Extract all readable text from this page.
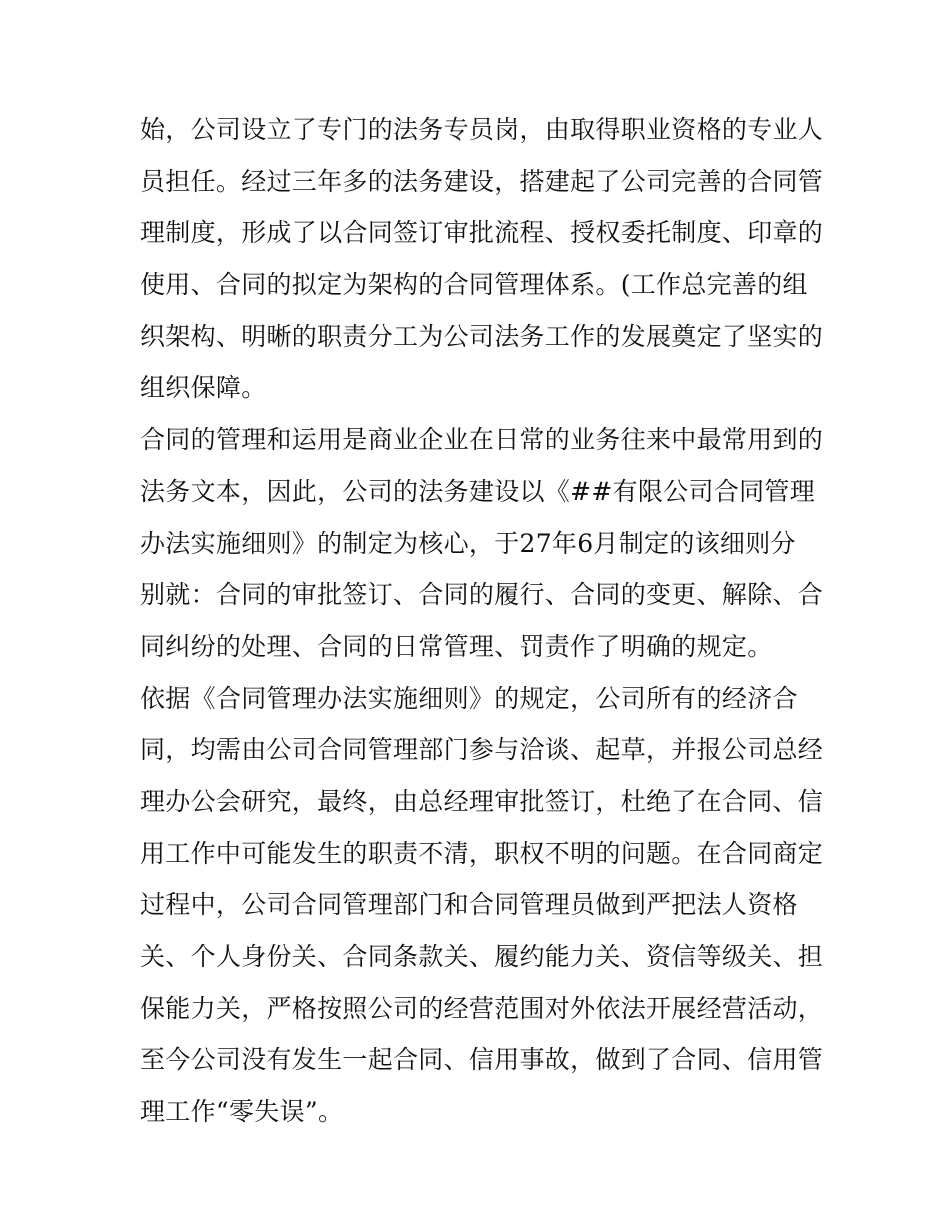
始，公司设立了专门的法务专员岗，由取得职业资格的专业人
员担任。经过三年多的法务建设，搭建起了公司完善的合同管
理制度，形成了以合同签订审批流程、授权委托制度、印章的
使用、合同的拟定为架构的合同管理体系。(工作总完善的组
织架构、明晰的职责分工为公司法务工作的发展奠定了坚实的
组织保障。
合同的管理和运用是商业企业在日常的业务往来中最常用到的
法务文本，因此，公司的法务建设以《##有限公司合同管理
办法实施细则》的制定为核心，于27年6月制定的该细则分
别就：合同的审批签订、合同的履行、合同的变更、解除、合
同纠纷的处理、合同的日常管理、罚责作了明确的规定。
依据《合同管理办法实施细则》的规定，公司所有的经济合
同，均需由公司合同管理部门参与洽谈、起草，并报公司总经
理办公会研究，最终，由总经理审批签订，杜绝了在合同、信
用工作中可能发生的职责不清，职权不明的问题。在合同商定
过程中，公司合同管理部门和合同管理员做到严把法人资格
关、个人身份关、合同条款关、履约能力关、资信等级关、担
保能力关，严格按照公司的经营范围对外依法开展经营活动，
至今公司没有发生一起合同、信用事故，做到了合同、信用管
理工作“零失误”。
